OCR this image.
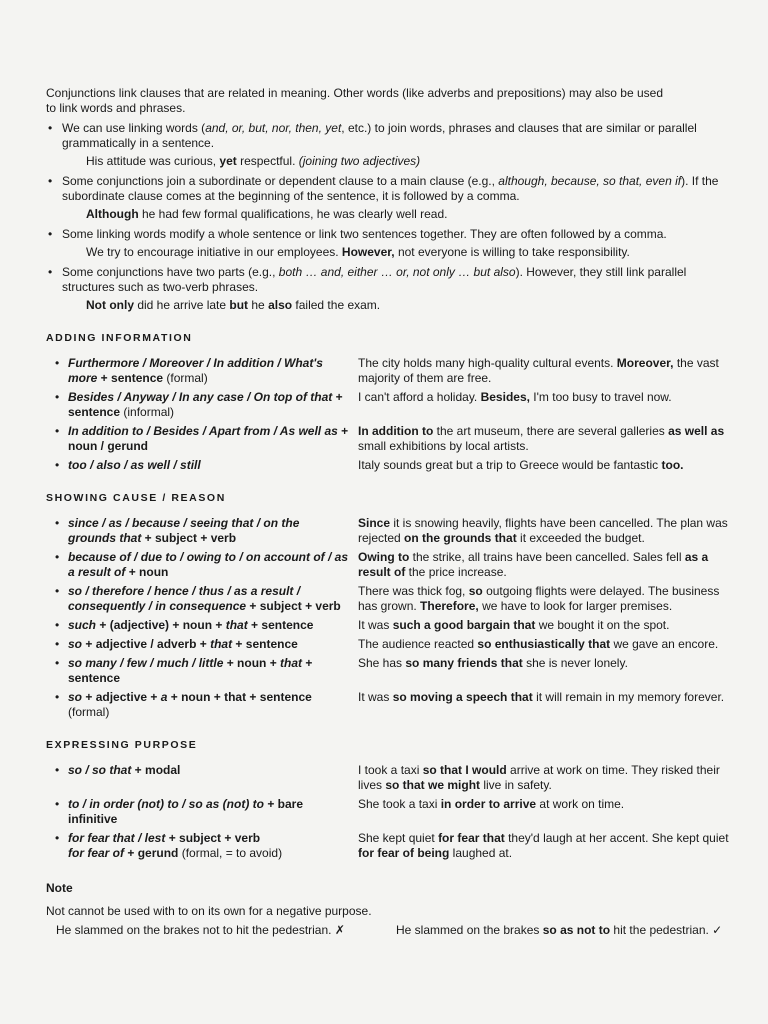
Conjunctions link clauses that are related in meaning. Other words (like adverbs and prepositions) may also be used

to link words and phrases.

• We can use linking words (and, or, but, nor, then, yet, etc.) to join words, phrases and clauses that are similar or parallel grammatically in a sentence.
His attitude was curious, yet respectful. (joining two adjectives)
• Some conjunctions join a subordinate or dependent clause to a main clause (e.g., although, because, so that, even if). If the subordinate clause comes at the beginning of the sentence, it is followed by a comma.
Although he had few formal qualifications, he was clearly well read.
• Some linking words modify a whole sentence or link two sentences together. They are often followed by a comma.
We try to encourage initiative in our employees. However, not everyone is willing to take responsibility.
• Some conjunctions have two parts (e.g., both … and, either … or, not only … but also). However, they still link parallel structures such as two-verb phrases.
Not only did he arrive late but he also failed the exam.
ADDING INFORMATION
• Furthermore / Moreover / In addition / What's more + sentence (formal)
The city holds many high-quality cultural events. Moreover, the vast majority of them are free.
• Besides / Anyway / In any case / On top of that + sentence (informal)
I can't afford a holiday. Besides, I'm too busy to travel now.
• In addition to / Besides / Apart from / As well as + noun / gerund
In addition to the art museum, there are several galleries as well as small exhibitions by local artists.
• too / also / as well / still	Italy sounds great but a trip to Greece would be fantastic too.
SHOWING CAUSE / REASON
• since / as / because / seeing that / on the grounds that + subject + verb
Since it is snowing heavily, flights have been cancelled. The plan was rejected on the grounds that it exceeded the budget.
• because of / due to / owing to / on account of / as a result of + noun
Owing to the strike, all trains have been cancelled. Sales fell as a result of the price increase.
• so / therefore / hence / thus / as a result / consequently / in consequence + subject + verb
There was thick fog, so outgoing flights were delayed. The business has grown. Therefore, we have to look for larger premises.
• such + (adjective) + noun + that + sentence	It was such a good bargain that we bought it on the spot.
• so + adjective / adverb + that + sentence	The audience reacted so enthusiastically that we gave an encore.
• so many / few / much / little + noun + that + sentence
She has so many friends that she is never lonely.
• so + adjective + a + noun + that + sentence (formal)
It was so moving a speech that it will remain in my memory forever.
EXPRESSING PURPOSE
• so / so that + modal	I took a taxi so that I would arrive at work on time. They risked their lives so that we might live in safety.
• to / in order (not) to / so as (not) to + bare infinitive
She took a taxi in order to arrive at work on time.
• for fear that / lest + subject + verb
for fear of + gerund (formal, = to avoid)
She kept quiet for fear that they'd laugh at her accent. She kept quiet for fear of being laughed at.
Note

Not cannot be used with to on its own for a negative purpose.

He slammed on the brakes not to hit the pedestrian. ✗	He slammed on the brakes so as not to hit the pedestrian. ✓
